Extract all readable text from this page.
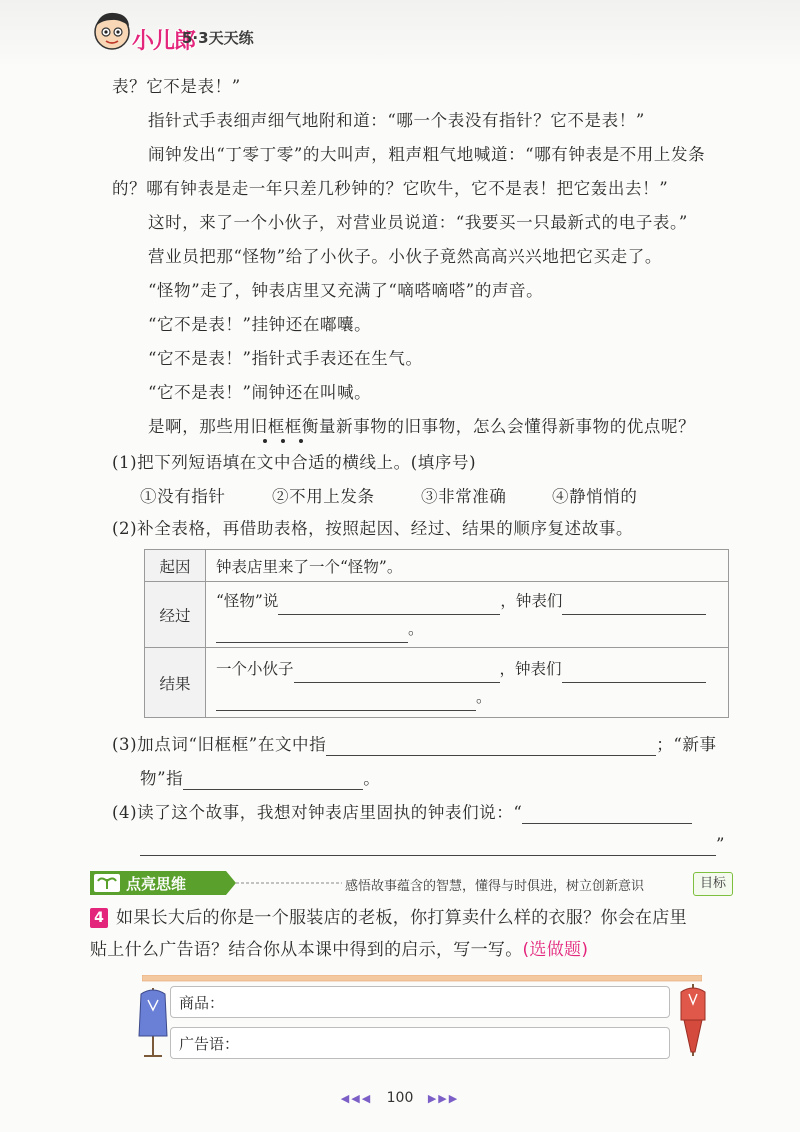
小儿郎
5·3天天练
表？它不是表！”
指针式手表细声细气地附和道：“哪一个表没有指针？它不是表！”
闹钟发出“丁零丁零”的大叫声，粗声粗气地喊道：“哪有钟表是不用上发条
的？哪有钟表是走一年只差几秒钟的？它吹牛，它不是表！把它轰出去！”
这时，来了一个小伙子，对营业员说道：“我要买一只最新式的电子表。”
营业员把那“怪物”给了小伙子。小伙子竟然高高兴兴地把它买走了。
“怪物”走了，钟表店里又充满了“嘀嗒嘀嗒”的声音。
“它不是表！”挂钟还在嘟囔。
“它不是表！”指针式手表还在生气。
“它不是表！”闹钟还在叫喊。
是啊，那些用旧框框衡量新事物的旧事物，怎么会懂得新事物的优点呢？
(1)把下列短语填在文中合适的横线上。(填序号)
①没有指针	②不用上发条	③非常准确	④静悄悄的
(2)补全表格，再借助表格，按照起因、经过、结果的顺序复述故事。
起因	钟表店里来了一个“怪物”。
经过	“怪物”说 ，钟表们
。

结果	一个小伙子 ，钟表们
。
(3)加点词“旧框框”在文中指	；“新事
物”指	。
(4)读了这个故事，我想对钟表店里固执的钟表们说：“
”
点亮思维	感悟故事蕴含的智慧，懂得与时俱进，树立创新意识	目标
4 如果长大后的你是一个服装店的老板，你打算卖什么样的衣服？你会在店里
贴上什么广告语？结合你从本课中得到的启示，写一写。(选做题)
商品：
广告语：
◀◀◀ 100 ▶▶▶
